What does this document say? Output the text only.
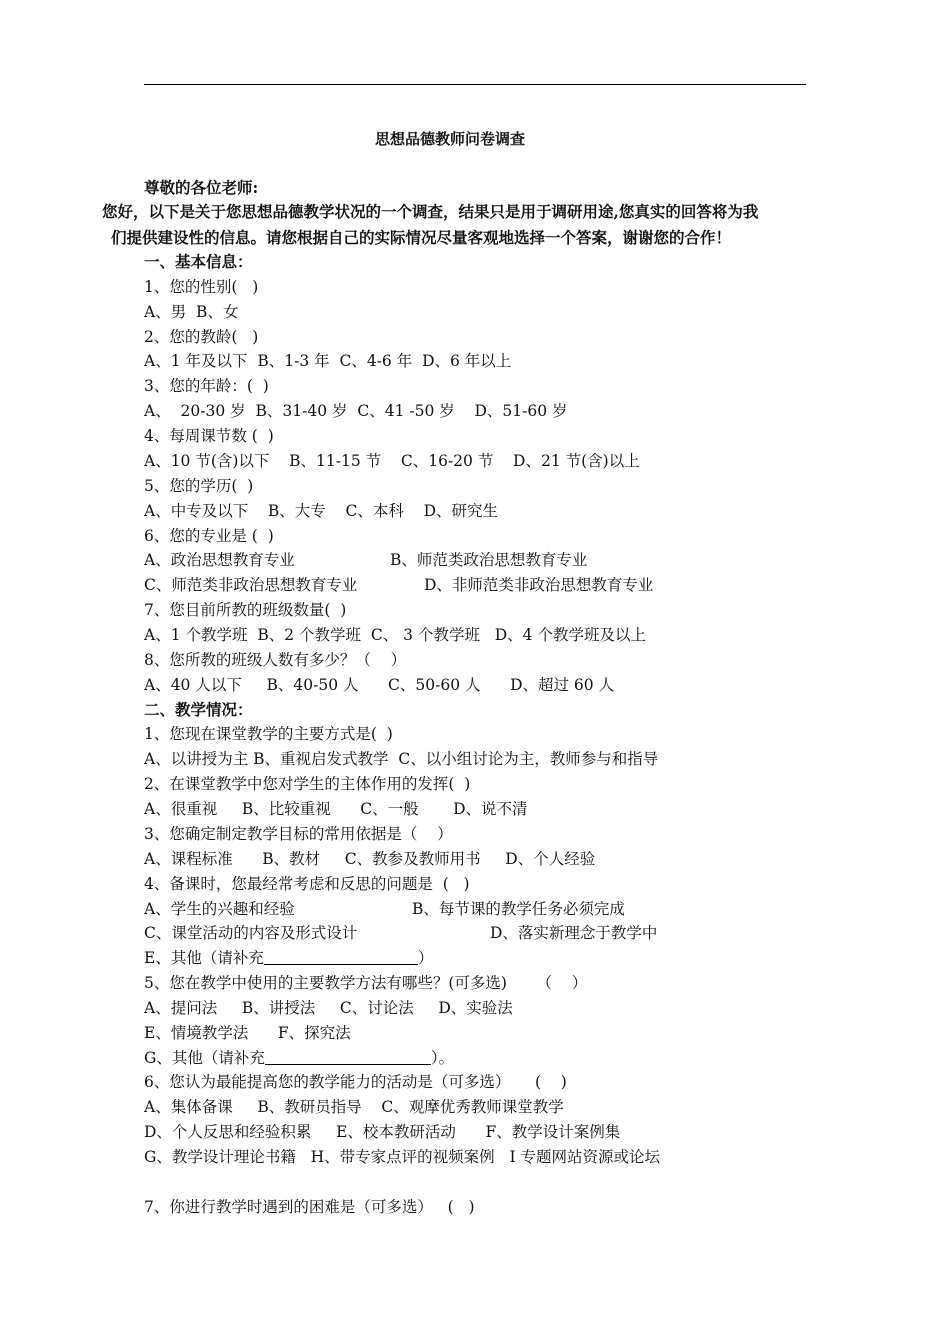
思想品德教师问卷调查
尊敬的各位老师:
您好，以下是关于您思想品德教学状况的一个调查，结果只是用于调研用途,您真实的回答将为我
们提供建设性的信息。请您根据自己的实际情况尽量客观地选择一个答案，谢谢您的合作！
一、基本信息：
1、您的性别(   )
A、男  B、女
2、您的教龄(   )
A、1 年及以下  B、1-3 年  C、4-6 年  D、6 年以上
3、您的年龄：(  )
A、  20-30 岁  B、31-40 岁  C、41 -50 岁    D、51-60 岁
4、每周课节数 (  )
A、10 节(含)以下    B、11-15 节    C、16-20 节    D、21 节(含)以上
5、您的学历(  )
A、中专及以下    B、大专    C、本科    D、研究生
6、您的专业是 (  )
A、政治思想教育专业	B、师范类政治思想教育专业
C、师范类非政治思想教育专业	D、非师范类非政治思想教育专业
7、您目前所教的班级数量(  )
A、1 个教学班  B、2 个教学班  C、 3 个教学班   D、4 个教学班及以上
8、您所教的班级人数有多少？（    ）
A、40 人以下     B、40-50 人      C、50-60 人      D、超过 60 人
二、教学情况：
1、您现在课堂教学的主要方式是(  )
A、以讲授为主 B、重视启发式教学  C、以小组讨论为主，教师参与和指导
2、在课堂教学中您对学生的主体作用的发挥(  )
A、很重视     B、比较重视      C、一般       D、说不清
3、您确定制定教学目标的常用依据是（    ）
A、课程标准      B、教材     C、教参及教师用书     D、个人经验
4、备课时，您最经常考虑和反思的问题是  (   )
A、学生的兴趣和经验	B、每节课的教学任务必须完成
C、课堂活动的内容及形式设计	D、落实新理念于教学中
E、其他（请补充	）
5、您在教学中使用的主要教学方法有哪些？(可多选)      （    ）
A、提问法     B、讲授法     C、讨论法     D、实验法
E、情境教学法      F、探究法
G、其他（请补充	）。
6、您认为最能提高您的教学能力的活动是（可多选）     (    )
A、集体备课     B、教研员指导    C、观摩优秀教师课堂教学
D、个人反思和经验积累     E、校本教研活动      F、教学设计案例集
G、教学设计理论书籍   H、带专家点评的视频案例   I 专题网站资源或论坛
7、你进行教学时遇到的困难是（可多选）   (   )
